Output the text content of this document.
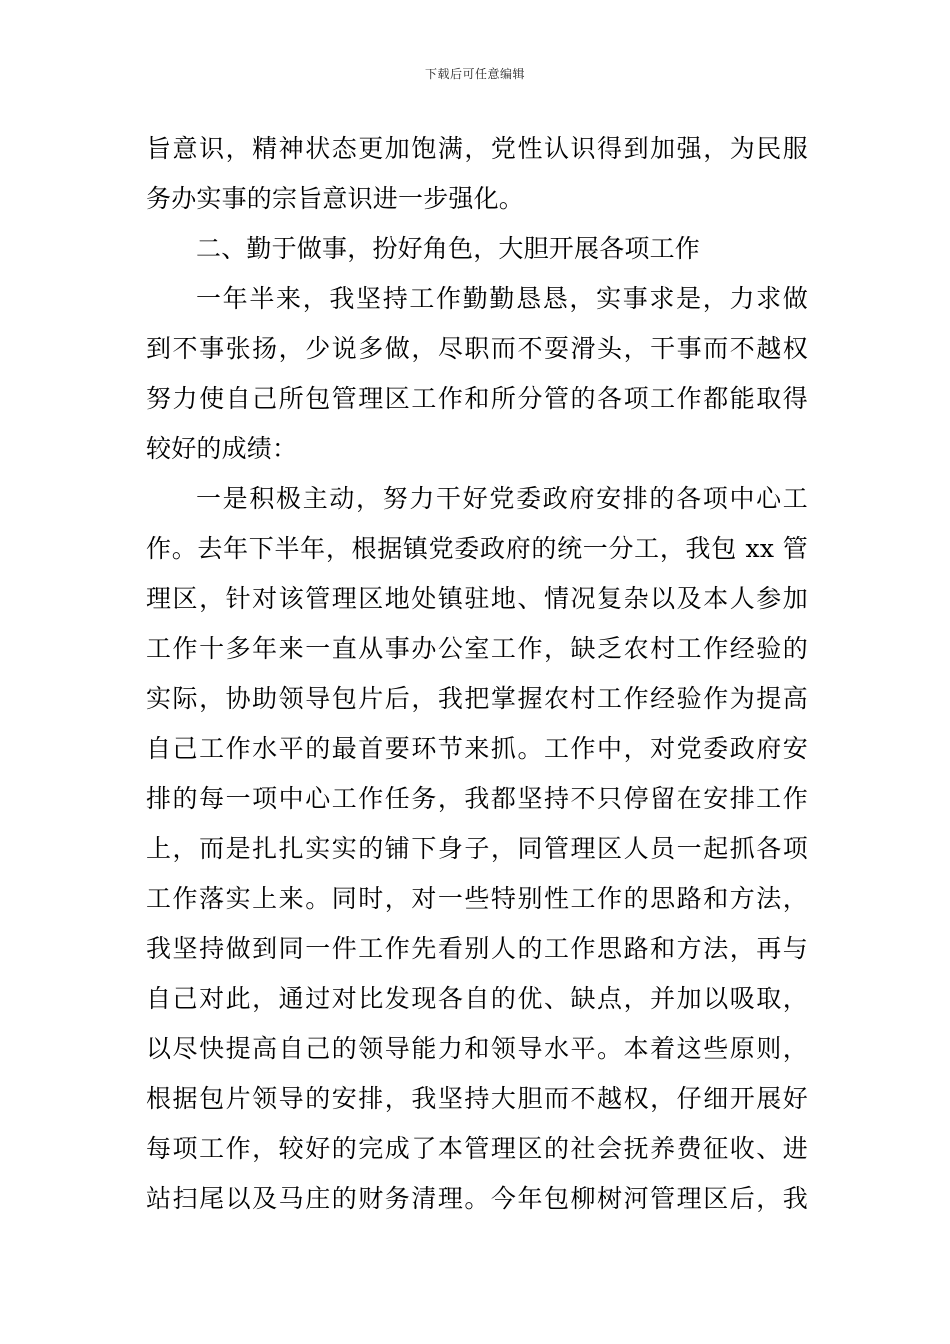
下载后可任意编辑
旨意识，精神状态更加饱满，党性认识得到加强，为民服
务办实事的宗旨意识进一步强化。
二、勤于做事，扮好角色，大胆开展各项工作
一年半来，我坚持工作勤勤恳恳，实事求是，力求做
到不事张扬，少说多做，尽职而不耍滑头，干事而不越权
努力使自己所包管理区工作和所分管的各项工作都能取得
较好的成绩：
一是积极主动，努力干好党委政府安排的各项中心工
作。去年下半年，根据镇党委政府的统一分工，我包 xx 管
理区，针对该管理区地处镇驻地、情况复杂以及本人参加
工作十多年来一直从事办公室工作，缺乏农村工作经验的
实际，协助领导包片后，我把掌握农村工作经验作为提高
自己工作水平的最首要环节来抓。工作中，对党委政府安
排的每一项中心工作任务，我都坚持不只停留在安排工作
上，而是扎扎实实的铺下身子，同管理区人员一起抓各项
工作落实上来。同时，对一些特别性工作的思路和方法，
我坚持做到同一件工作先看别人的工作思路和方法，再与
自己对此，通过对比发现各自的优、缺点，并加以吸取，
以尽快提高自己的领导能力和领导水平。本着这些原则，
根据包片领导的安排，我坚持大胆而不越权，仔细开展好
每项工作，较好的完成了本管理区的社会抚养费征收、进
站扫尾以及马庄的财务清理。今年包柳树河管理区后，我
